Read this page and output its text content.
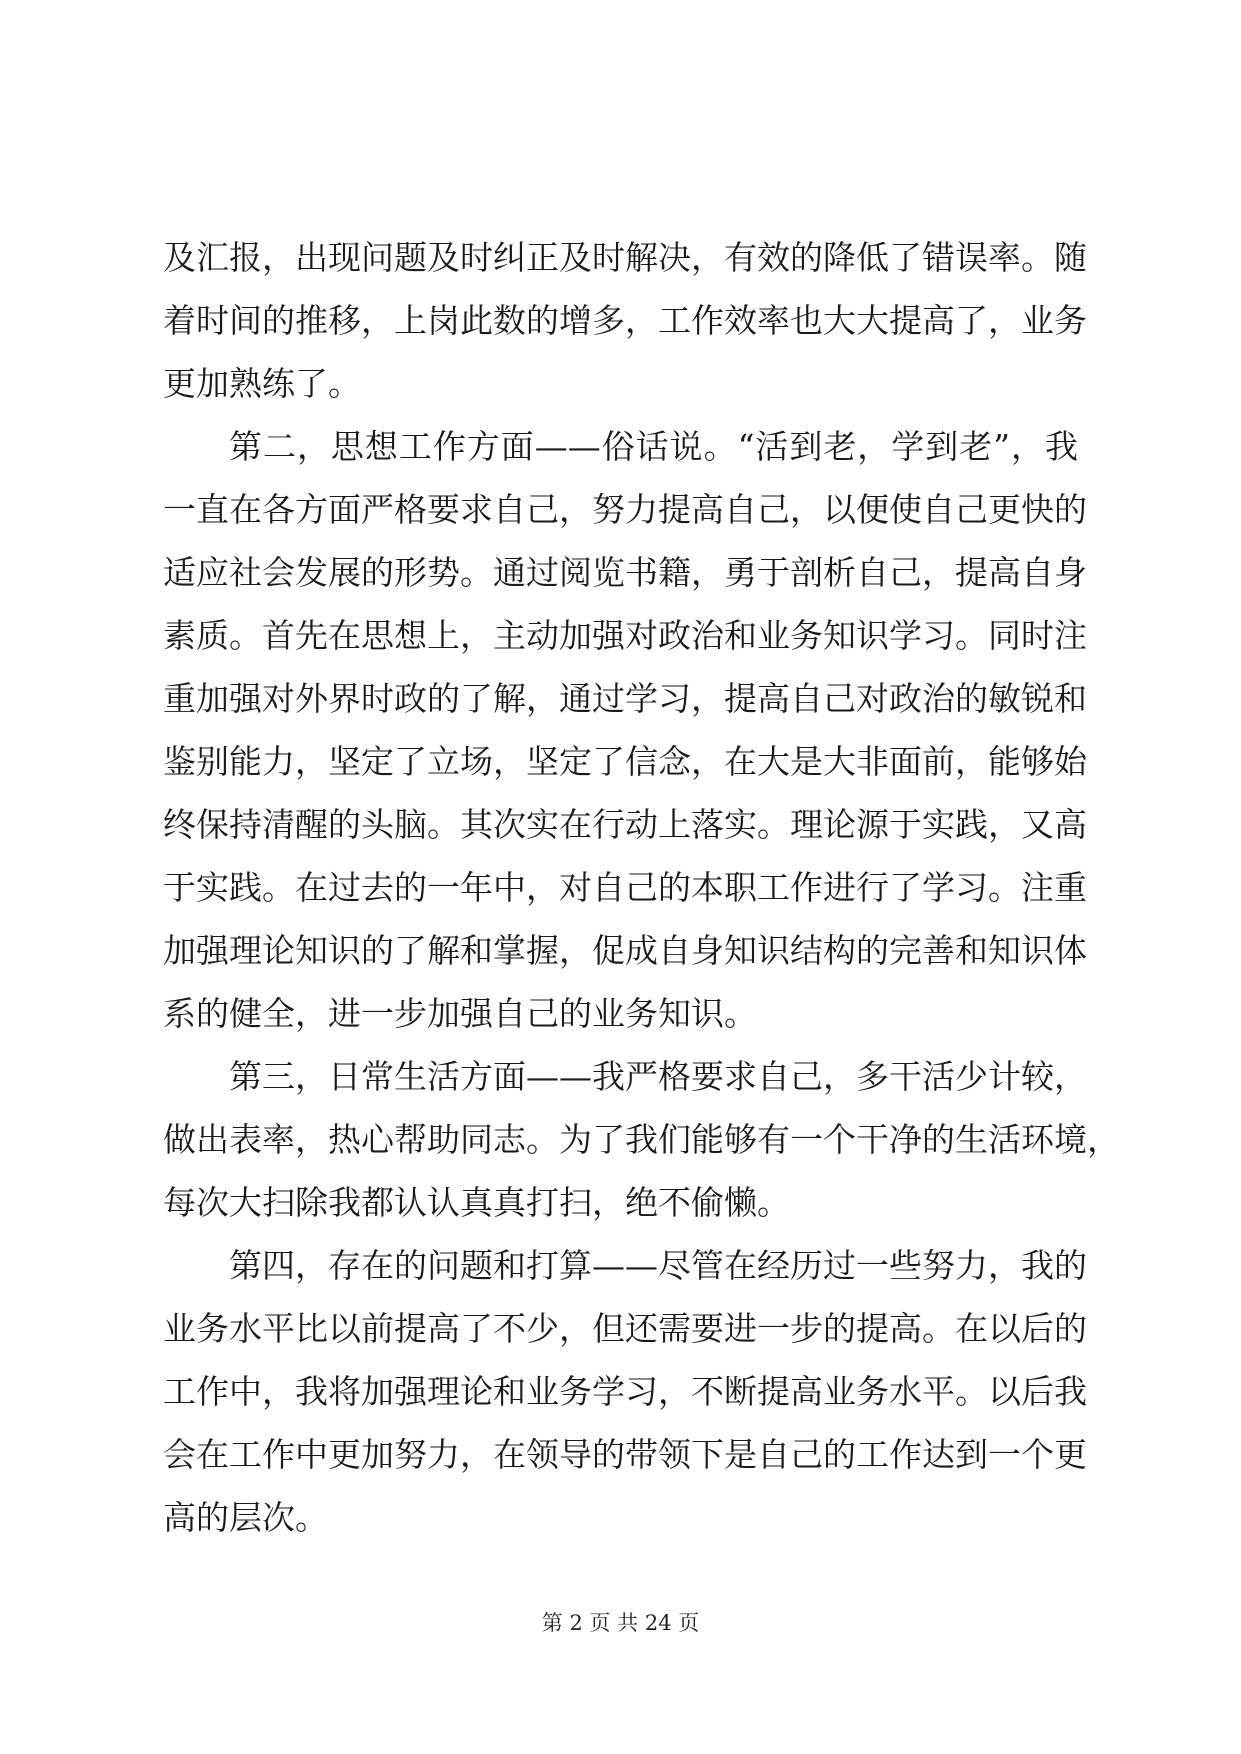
及汇报，出现问题及时纠正及时解决，有效的降低了错误率。随
着时间的推移，上岗此数的增多，工作效率也大大提高了，业务
更加熟练了。
第二，思想工作方面——俗话说。“活到老，学到老”，我
一直在各方面严格要求自己，努力提高自己，以便使自己更快的
适应社会发展的形势。通过阅览书籍，勇于剖析自己，提高自身
素质。首先在思想上，主动加强对政治和业务知识学习。同时注
重加强对外界时政的了解，通过学习，提高自己对政治的敏锐和
鉴别能力，坚定了立场，坚定了信念，在大是大非面前，能够始
终保持清醒的头脑。其次实在行动上落实。理论源于实践，又高
于实践。在过去的一年中，对自己的本职工作进行了学习。注重
加强理论知识的了解和掌握，促成自身知识结构的完善和知识体
系的健全，进一步加强自己的业务知识。
第三，日常生活方面——我严格要求自己，多干活少计较，
做出表率，热心帮助同志。为了我们能够有一个干净的生活环境，
每次大扫除我都认认真真打扫，绝不偷懒。
第四，存在的问题和打算——尽管在经历过一些努力，我的
业务水平比以前提高了不少，但还需要进一步的提高。在以后的
工作中，我将加强理论和业务学习，不断提高业务水平。以后我
会在工作中更加努力，在领导的带领下是自己的工作达到一个更
高的层次。
第 2 页 共 24 页
